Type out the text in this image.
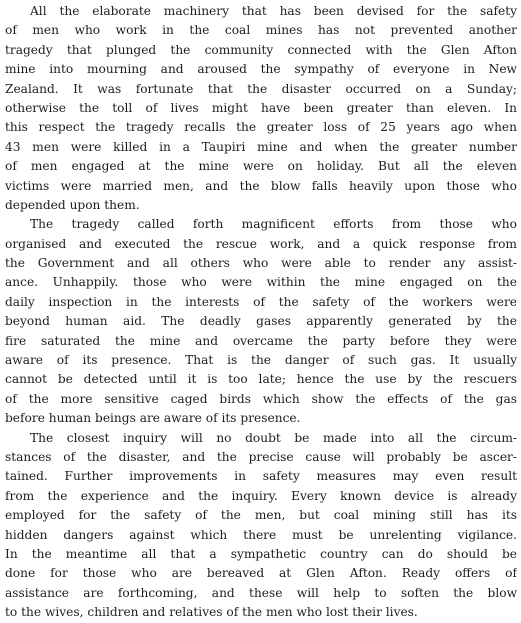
All the elaborate machinery that has been devised for the safety
of men who work in the coal mines has not prevented another
tragedy that plunged the community connected with the Glen Afton
mine into mourning and aroused the sympathy of everyone in New
Zealand. It was fortunate that the disaster occurred on a Sunday;
otherwise the toll of lives might have been greater than eleven. In
this respect the tragedy recalls the greater loss of 25 years ago when
43 men were killed in a Taupiri mine and when the greater number
of men engaged at the mine were on holiday. But all the eleven
victims were married men, and the blow falls heavily upon those who
depended upon them.
The tragedy called forth magnificent efforts from those who
organised and executed the rescue work, and a quick response from
the Government and all others who were able to render any assist-
ance. Unhappily. those who were within the mine engaged on the
daily inspection in the interests of the safety of the workers were
beyond human aid. The deadly gases apparently generated by the
fire saturated the mine and overcame the party before they were
aware of its presence. That is the danger of such gas. It usually
cannot be detected until it is too late; hence the use by the rescuers
of the more sensitive caged birds which show the effects of the gas
before human beings are aware of its presence.
The closest inquiry will no doubt be made into all the circum-
stances of the disaster, and the precise cause will probably be ascer-
tained. Further improvements in safety measures may even result
from the experience and the inquiry. Every known device is already
employed for the safety of the men, but coal mining still has its
hidden dangers against which there must be unrelenting vigilance.
In the meantime all that a sympathetic country can do should be
done for those who are bereaved at Glen Afton. Ready offers of
assistance are forthcoming, and these will help to soften the blow
to the wives, children and relatives of the men who lost their lives.
